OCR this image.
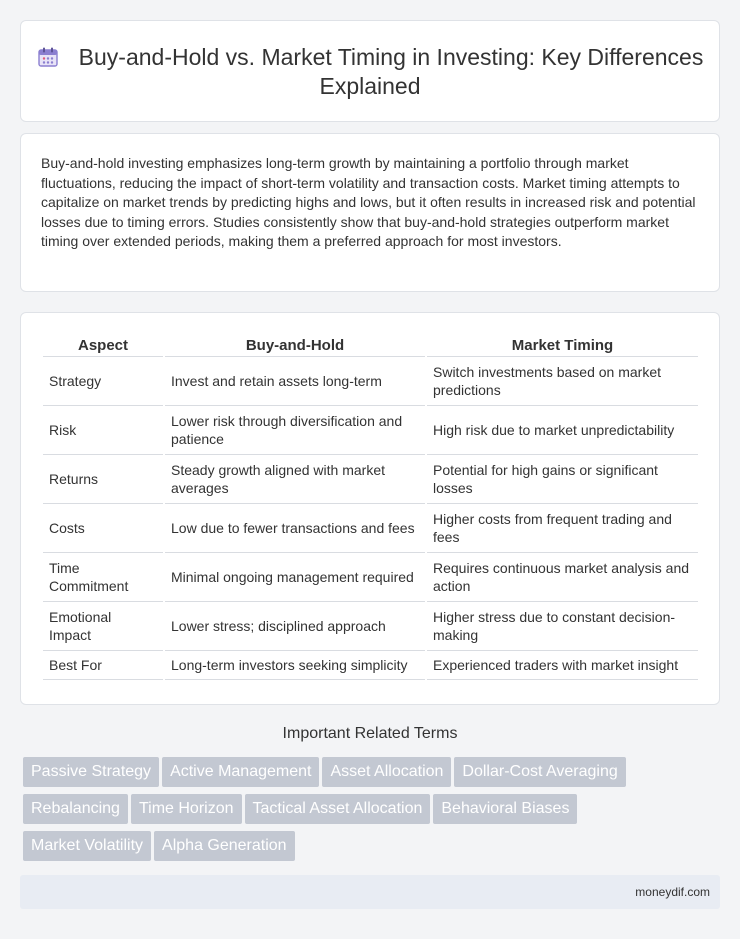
Buy-and-Hold vs. Market Timing in Investing: Key Differences Explained

Buy-and-hold investing emphasizes long-term growth by maintaining a portfolio through market fluctuations, reducing the impact of short-term volatility and transaction costs. Market timing attempts to capitalize on market trends by predicting highs and lows, but it often results in increased risk and potential losses due to timing errors. Studies consistently show that buy-and-hold strategies outperform market timing over extended periods, making them a preferred approach for most investors.

Aspect	Buy-and-Hold	Market Timing
Strategy	Invest and retain assets long-term	Switch investments based on market predictions
Risk	Lower risk through diversification and patience	High risk due to market unpredictability
Returns	Steady growth aligned with market averages	Potential for high gains or significant losses
Costs	Low due to fewer transactions and fees	Higher costs from frequent trading and fees
Time Commitment	Minimal ongoing management required	Requires continuous market analysis and action
Emotional Impact	Lower stress; disciplined approach	Higher stress due to constant decision-making
Best For	Long-term investors seeking simplicity	Experienced traders with market insight
Important Related Terms
Passive Strategy Active Management Asset Allocation Dollar-Cost Averaging
Rebalancing Time Horizon Tactical Asset Allocation Behavioral Biases
Market Volatility Alpha Generation
moneydif.com
